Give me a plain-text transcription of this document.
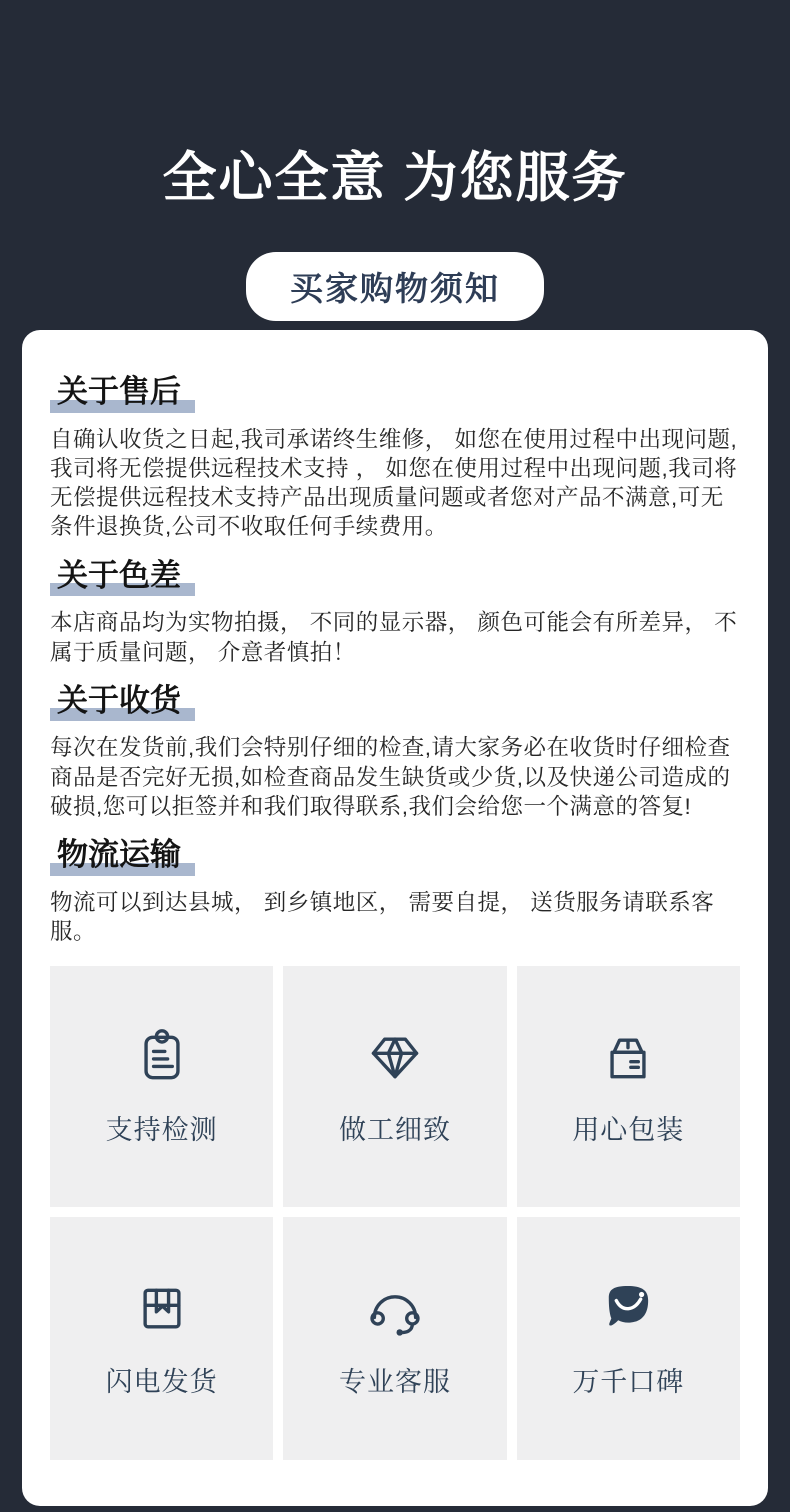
全心全意 为您服务
买家购物须知
关于售后

自确认收货之日起,我司承诺终生维修， 如您在使用过程中出现问题,我司将无偿提供远程技术支持 ， 如您在使用过程中出现问题,我司将无偿提供远程技术支持产品出现质量问题或者您对产品不满意,可无条件退换货,公司不收取任何手续费用。

关于色差

本店商品均为实物拍摄， 不同的显示器， 颜色可能会有所差异， 不属于质量问题， 介意者慎拍！

关于收货

每次在发货前,我们会特别仔细的检查,请大家务必在收货时仔细检查商品是否完好无损,如检查商品发生缺货或少货,以及快递公司造成的破损,您可以拒签并和我们取得联系,我们会给您一个满意的答复!

物流运输

物流可以到达县城， 到乡镇地区， 需要自提， 送货服务请联系客服。

支持检测	做工细致	用心包装
闪电发货	专业客服	万千口碑
